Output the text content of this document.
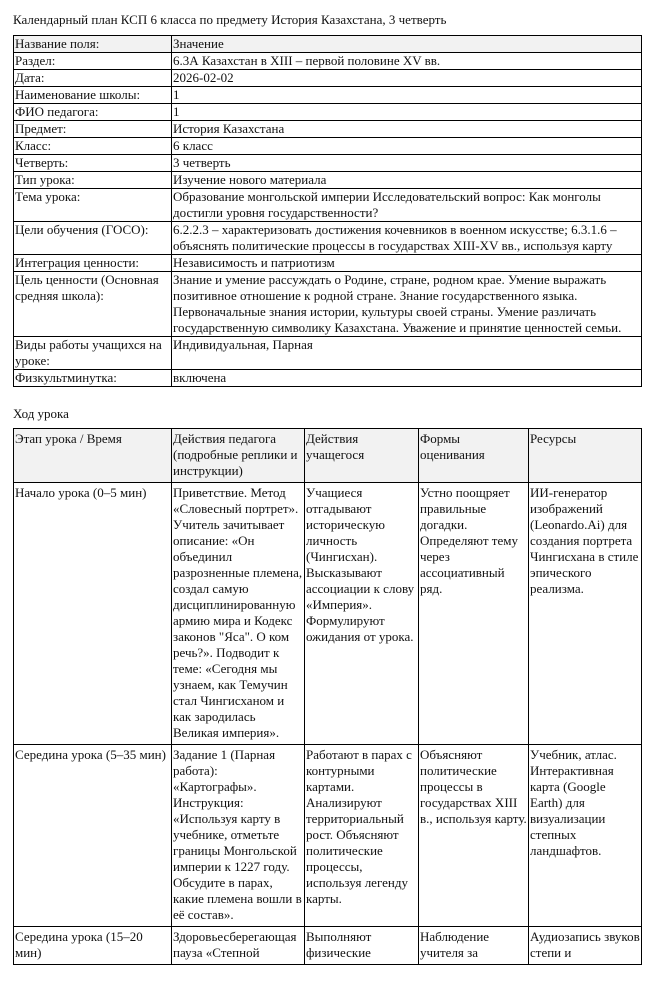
Календарный план КСП 6 класса по предмету История Казахстана, 3 четверть
Название поля:	Значение
Раздел:	6.3А Казахстан в XIII – первой половине XV вв.
Дата:	2026-02-02
Наименование школы:	1
ФИО педагога:	1
Предмет:	История Казахстана
Класс:	6 класс
Четверть:	3 четверть
Тип урока:	Изучение нового материала
Тема урока:	Образование монгольской империи Исследовательский вопрос: Как монголы достигли уровня государственности?
Цели обучения (ГОСО):	6.2.2.3 – характеризовать достижения кочевников в военном искусстве; 6.3.1.6 – объяснять политические процессы в государствах XIII-XV вв., используя карту
Интеграция ценности:	Независимость и патриотизм
Цель ценности (Основная средняя школа):	Знание и умение рассуждать о Родине, стране, родном крае. Умение выражать позитивное отношение к родной стране. Знание государственного языка. Первоначальные знания истории, культуры своей страны. Умение различать государственную символику Казахстана. Уважение и принятие ценностей семьи.
Виды работы учащихся на уроке:	Индивидуальная, Парная
Физкультминутка:	включена
Ход урока
Этап урока / Время	Действия педагога (подробные реплики и инструкции)	Действия учащегося	Формы оценивания	Ресурсы
Начало урока (0–5 мин)	Приветствие. Метод «Словесный портрет». Учитель зачитывает описание: «Он объединил разрозненные племена, создал самую дисциплинированную армию мира и Кодекс законов "Яса". О ком речь?». Подводит к теме: «Сегодня мы узнаем, как Темучин стал Чингисханом и как зародилась Великая империя».	Учащиеся отгадывают историческую личность (Чингисхан). Высказывают ассоциации к слову «Империя». Формулируют ожидания от урока.	Устно поощряет правильные догадки. Определяют тему через ассоциативный ряд.	ИИ-генератор изображений (Leonardo.Ai) для создания портрета Чингисхана в стиле эпического реализма.
Середина урока (5–35 мин)	Задание 1 (Парная работа): «Картографы». Инструкция: «Используя карту в учебнике, отметьте границы Монгольской империи к 1227 году. Обсудите в парах, какие племена вошли в её состав».	Работают в парах с контурными картами. Анализируют территориальный рост. Объясняют политические процессы, используя легенду карты.	Объясняют политические процессы в государствах XIII в., используя карту.	Учебник, атлас. Интерактивная карта (Google Earth) для визуализации степных ландшафтов.
Середина урока (15–20 мин)	Здоровьесберегающая пауза «Степной	Выполняют физические	Наблюдение учителя за	Аудиозапись звуков степи и
